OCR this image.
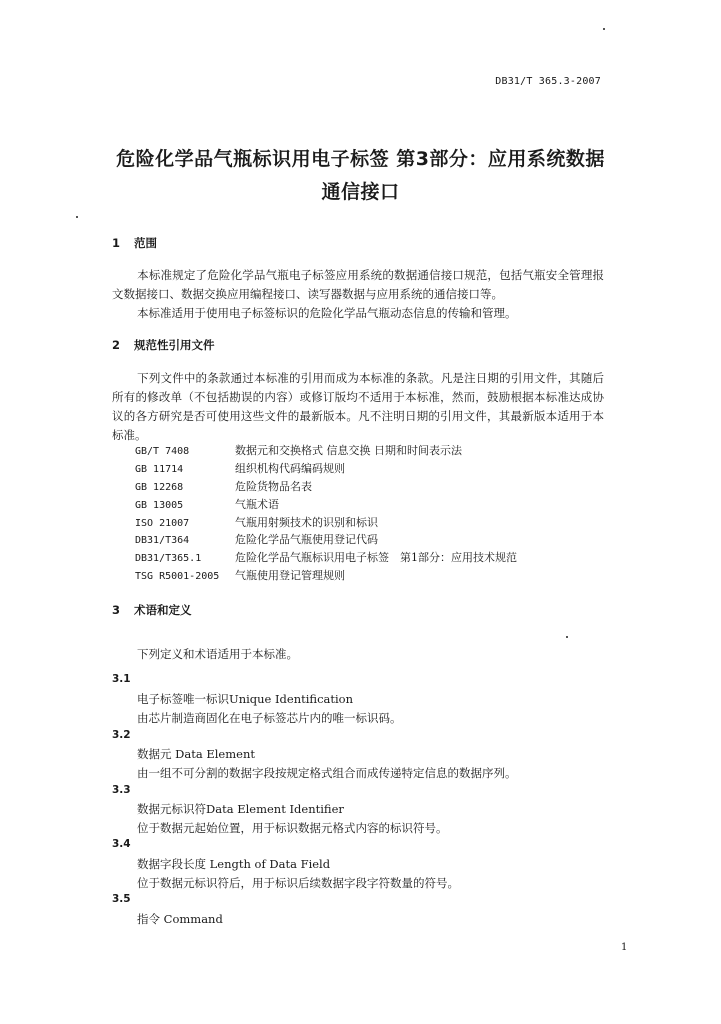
DB31/T 365.3-2007
危险化学品气瓶标识用电子标签 第3部分：应用系统数据
通信接口
1 范围
本标准规定了危险化学品气瓶电子标签应用系统的数据通信接口规范，包括气瓶安全管理报文数据接口、数据交换应用编程接口、读写器数据与应用系统的通信接口等。
本标准适用于使用电子标签标识的危险化学品气瓶动态信息的传输和管理。
2 规范性引用文件
下列文件中的条款通过本标准的引用而成为本标准的条款。凡是注日期的引用文件，其随后所有的修改单（不包括勘误的内容）或修订版均不适用于本标准，然而，鼓励根据本标准达成协议的各方研究是否可使用这些文件的最新版本。凡不注明日期的引用文件，其最新版本适用于本标准。
GB/T 7408	数据元和交换格式 信息交换 日期和时间表示法
GB 11714	组织机构代码编码规则
GB 12268	危险货物品名表
GB 13005	气瓶术语
ISO 21007	气瓶用射频技术的识别和标识
DB31/T364	危险化学品气瓶使用登记代码
DB31/T365.1	危险化学品气瓶标识用电子标签　第1部分：应用技术规范
TSG R5001-2005 气瓶使用登记管理规则
3 术语和定义
下列定义和术语适用于本标准。
3.1
电子标签唯一标识Unique Identification
由芯片制造商固化在电子标签芯片内的唯一标识码。
3.2
数据元 Data Element
由一组不可分割的数据字段按规定格式组合而成传递特定信息的数据序列。
3.3
数据元标识符Data Element Identifier
位于数据元起始位置，用于标识数据元格式内容的标识符号。
3.4
数据字段长度 Length of Data Field
位于数据元标识符后，用于标识后续数据字段字符数量的符号。
3.5
指令 Command
1
